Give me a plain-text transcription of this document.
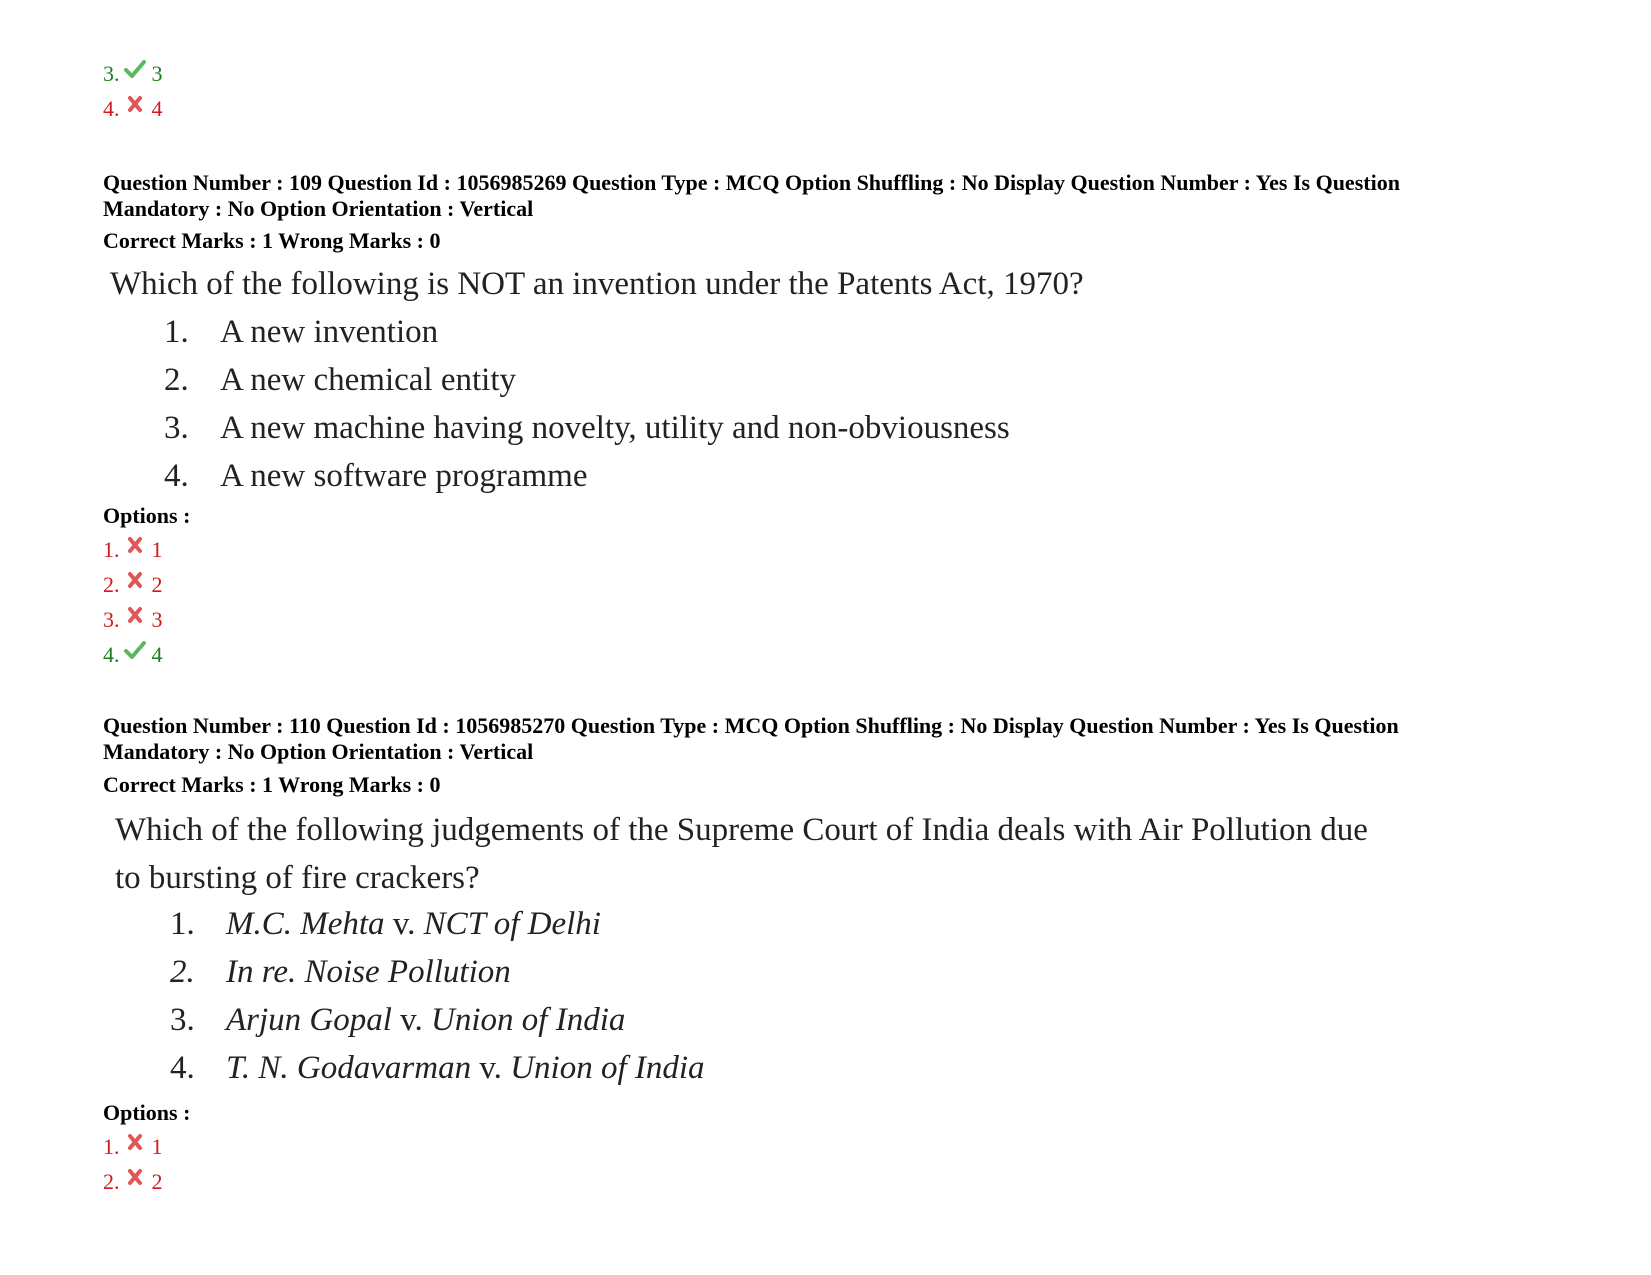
3. 3
4. 4
Question Number : 109 Question Id : 1056985269 Question Type : MCQ Option Shuffling : No Display Question Number : Yes Is Question
Mandatory : No Option Orientation : Vertical
Correct Marks : 1 Wrong Marks : 0
Which of the following is NOT an invention under the Patents Act, 1970?
1. A new invention
2. A new chemical entity
3. A new machine having novelty, utility and non-obviousness
4. A new software programme
Options :
1. 1
2. 2
3. 3
4. 4
Question Number : 110 Question Id : 1056985270 Question Type : MCQ Option Shuffling : No Display Question Number : Yes Is Question
Mandatory : No Option Orientation : Vertical
Correct Marks : 1 Wrong Marks : 0
Which of the following judgements of the Supreme Court of India deals with Air Pollution due
to bursting of fire crackers?
1. M.C. Mehta v. NCT of Delhi
2. In re. Noise Pollution
3. Arjun Gopal v. Union of India
4. T. N. Godavarman v. Union of India
Options :
1. 1
2. 2
